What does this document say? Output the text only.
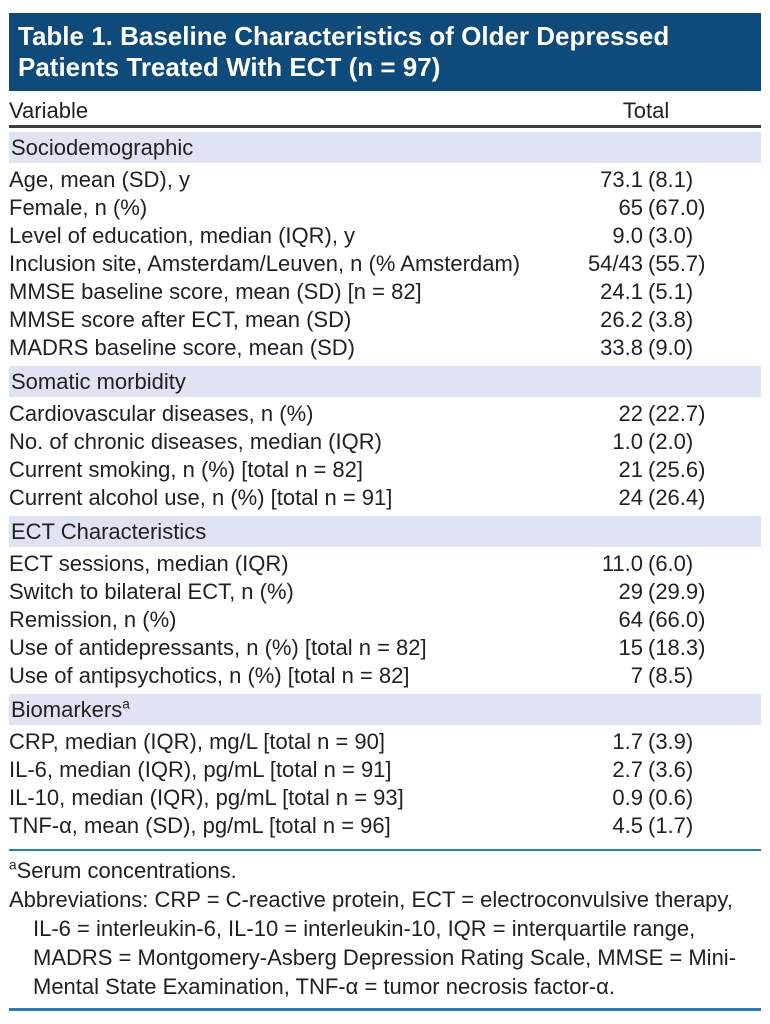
Table 1. Baseline Characteristics of Older Depressed Patients Treated With ECT (n = 97)
Variable	Total
Sociodemographic
Age, mean (SD), y	73.1 (8.1)
Female, n (%)	65 (67.0)
Level of education, median (IQR), y	9.0 (3.0)
Inclusion site, Amsterdam/Leuven, n (% Amsterdam)	54/43 (55.7)
MMSE baseline score, mean (SD) [n = 82]	24.1 (5.1)
MMSE score after ECT, mean (SD)	26.2 (3.8)
MADRS baseline score, mean (SD)	33.8 (9.0)
Somatic morbidity
Cardiovascular diseases, n (%)	22 (22.7)
No. of chronic diseases, median (IQR)	1.0 (2.0)
Current smoking, n (%) [total n = 82]	21 (25.6)
Current alcohol use, n (%) [total n = 91]	24 (26.4)
ECT Characteristics
ECT sessions, median (IQR)	11.0 (6.0)
Switch to bilateral ECT, n (%)	29 (29.9)
Remission, n (%)	64 (66.0)
Use of antidepressants, n (%) [total n = 82]	15 (18.3)
Use of antipsychotics, n (%) [total n = 82]	7 (8.5)
Biomarkers$^a$
CRP, median (IQR), mg/L [total n = 90]	1.7 (3.9)
IL-6, median (IQR), pg/mL [total n = 91]	2.7 (3.6)
IL-10, median (IQR), pg/mL [total n = 93]	0.9 (0.6)
TNF-α, mean (SD), pg/mL [total n = 96]	4.5 (1.7)

$^a$Serum concentrations.

Abbreviations: CRP = C-reactive protein, ECT = electroconvulsive therapy, IL-6 = interleukin-6, IL-10 = interleukin-10, IQR = interquartile range, MADRS = Montgomery-Asberg Depression Rating Scale, MMSE = Mini-Mental State Examination, TNF-α = tumor necrosis factor-α.
